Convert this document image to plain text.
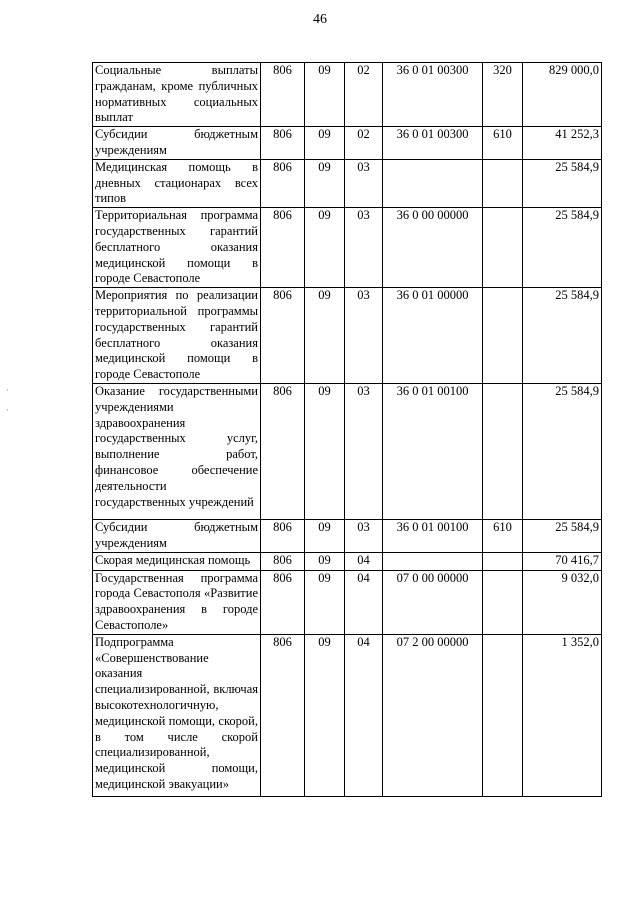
46
Социальные выплаты гражданам, кроме публичных нормативных социальных выплат	806	09	02	36 0 01 00300	320	829 000,0
Субсидии бюджетным учреждениям	806	09	02	36 0 01 00300	610	41 252,3
Медицинская помощь в дневных стационарах всех типов	806	09	03			25 584,9
Территориальная программа государственных гарантий бесплатного оказания медицинской помощи в городе Севастополе	806	09	03	36 0 00 00000		25 584,9
Мероприятия по реализации территориальной программы государственных гарантий бесплатного оказания медицинской помощи в городе Севастополе	806	09	03	36 0 01 00000		25 584,9
Оказание государственными учреждениями здравоохранения государственных услуг, выполнение работ, финансовое обеспечение деятельности государственных учреждений	806	09	03	36 0 01 00100		25 584,9
Субсидии бюджетным учреждениям	806	09	03	36 0 01 00100	610	25 584,9
Скорая медицинская помощь	806	09	04			70 416,7
Государственная программа города Севастополя «Развитие здравоохранения в городе Севастополе»	806	09	04	07 0 00 00000		9 032,0
Подпрограмма «Совершенствование оказания специализированной, включая высокотехнологичную, медицинской помощи, скорой, в том числе скорой специализированной, медицинской помощи, медицинской эвакуации»	806	09	04	07 2 00 00000		1 352,0
·

·
